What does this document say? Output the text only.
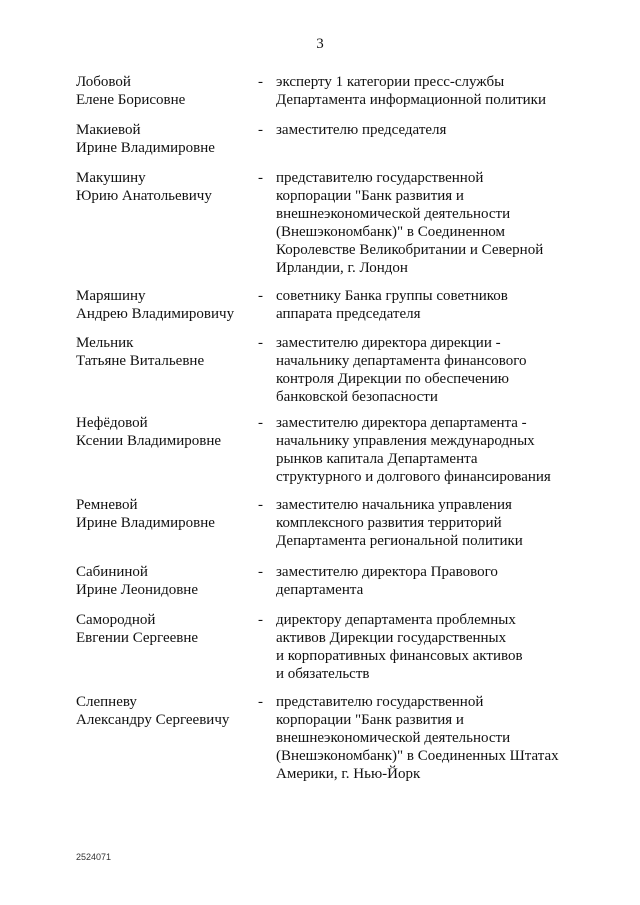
3
Лобовой
Елене Борисовне
- эксперту 1 категории пресс-службы
Департамента информационной политики
Макиевой
Ирине Владимировне
- заместителю председателя
Макушину
Юрию Анатольевичу
- представителю государственной
корпорации "Банк развития и
внешнеэкономической деятельности
(Внешэкономбанк)" в Соединенном
Королевстве Великобритании и Северной
Ирландии, г. Лондон
Маряшину
Андрею Владимировичу
- советнику Банка группы советников
аппарата председателя
Мельник
Татьяне Витальевне
- заместителю директора дирекции -
начальнику департамента финансового
контроля Дирекции по обеспечению
банковской безопасности
Нефёдовой
Ксении Владимировне
- заместителю директора департамента -
начальнику управления международных
рынков капитала Департамента
структурного и долгового финансирования
Ремневой
Ирине Владимировне
- заместителю начальника управления
комплексного развития территорий
Департамента региональной политики
Сабининой
Ирине Леонидовне
- заместителю директора Правового
департамента
Самородной
Евгении Сергеевне
- директору департамента проблемных
активов Дирекции государственных
и корпоративных финансовых активов
и обязательств
Слепневу
Александру Сергеевичу
- представителю государственной
корпорации "Банк развития и
внешнеэкономической деятельности
(Внешэкономбанк)" в Соединенных Штатах
Америки, г. Нью-Йорк
2524071
